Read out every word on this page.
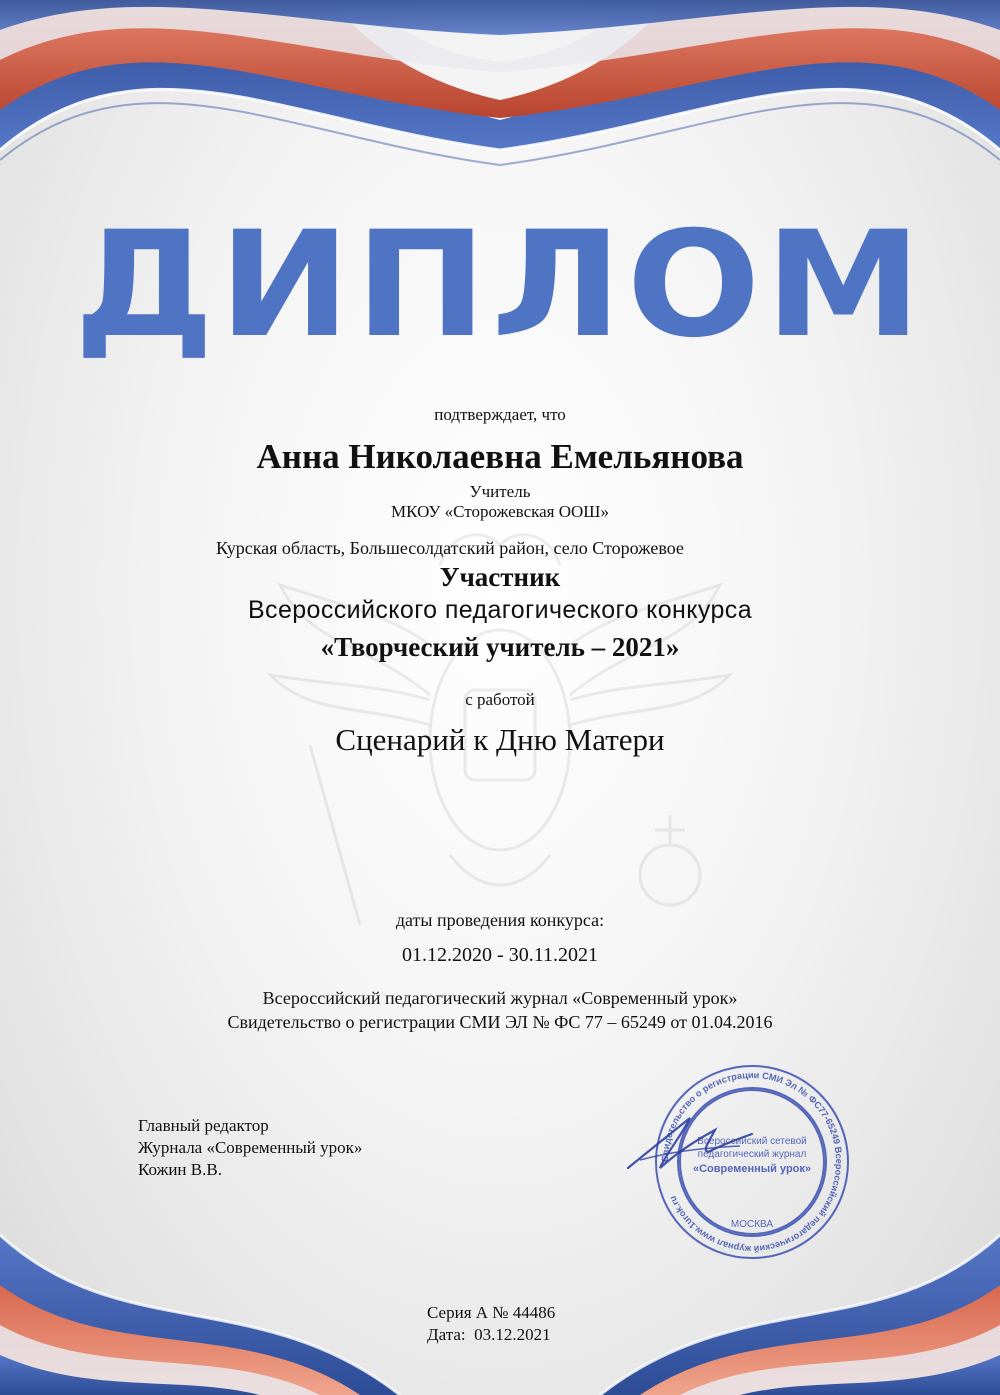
ДИПЛОМ
подтверждает, что
Анна Николаевна Емельянова
Учитель
МКОУ «Сторожевская ООШ»
Курская область, Большесолдатский район, село Сторожевое
Участник
Всероссийского педагогического конкурса
«Творческий учитель – 2021»
с работой
Сценарий к Дню Матери
даты проведения конкурса:
01.12.2020 - 30.11.2021
Всероссийский педагогический журнал «Современный урок»
Свидетельство о регистрации СМИ ЭЛ № ФС 77 – 65249 от 01.04.2016
Главный редактор
Журнала «Современный урок»
Кожин В.В.
Свидетельство о регистрации СМИ Эл № ФС77-65249 Всероссийский педагогический журнал www.1urok.ru
Всероссийский сетевой
педагогический журнал
«Современный урок»
МОСКВА
Серия А № 44486
Дата:  03.12.2021
